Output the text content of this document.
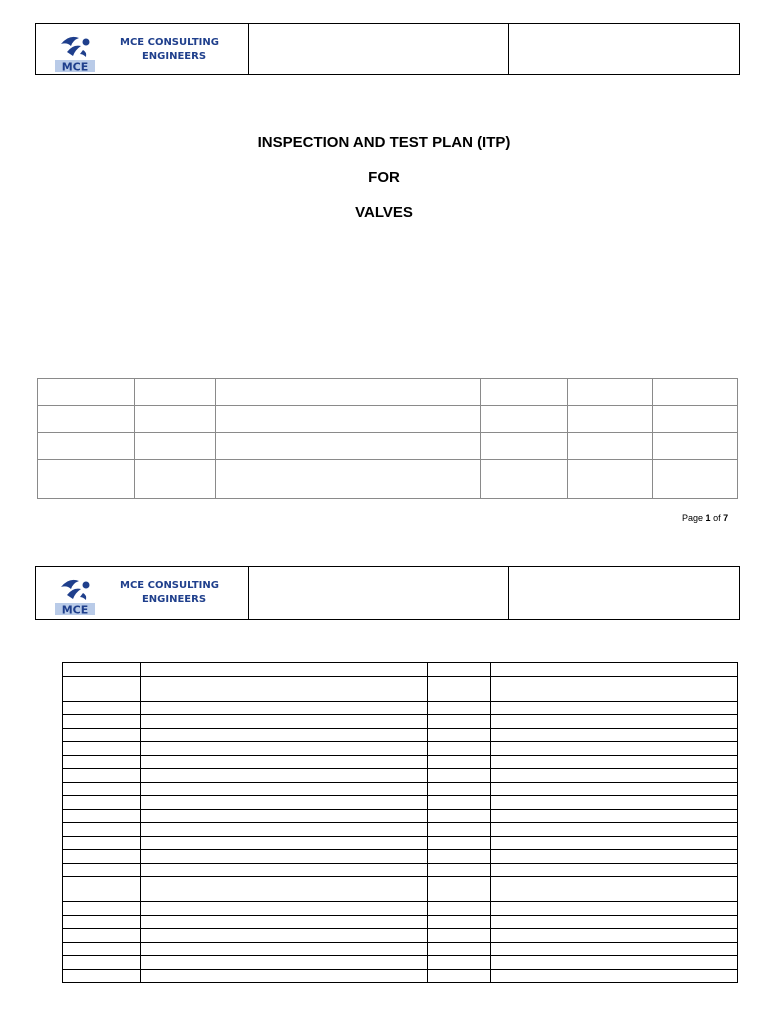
MCE
MCE CONSULTING
ENGINEERS
INSPECTION AND TEST PLAN (ITP)
FOR
VALVES

Page 1 of 7
MCE
MCE CONSULTING
ENGINEERS
